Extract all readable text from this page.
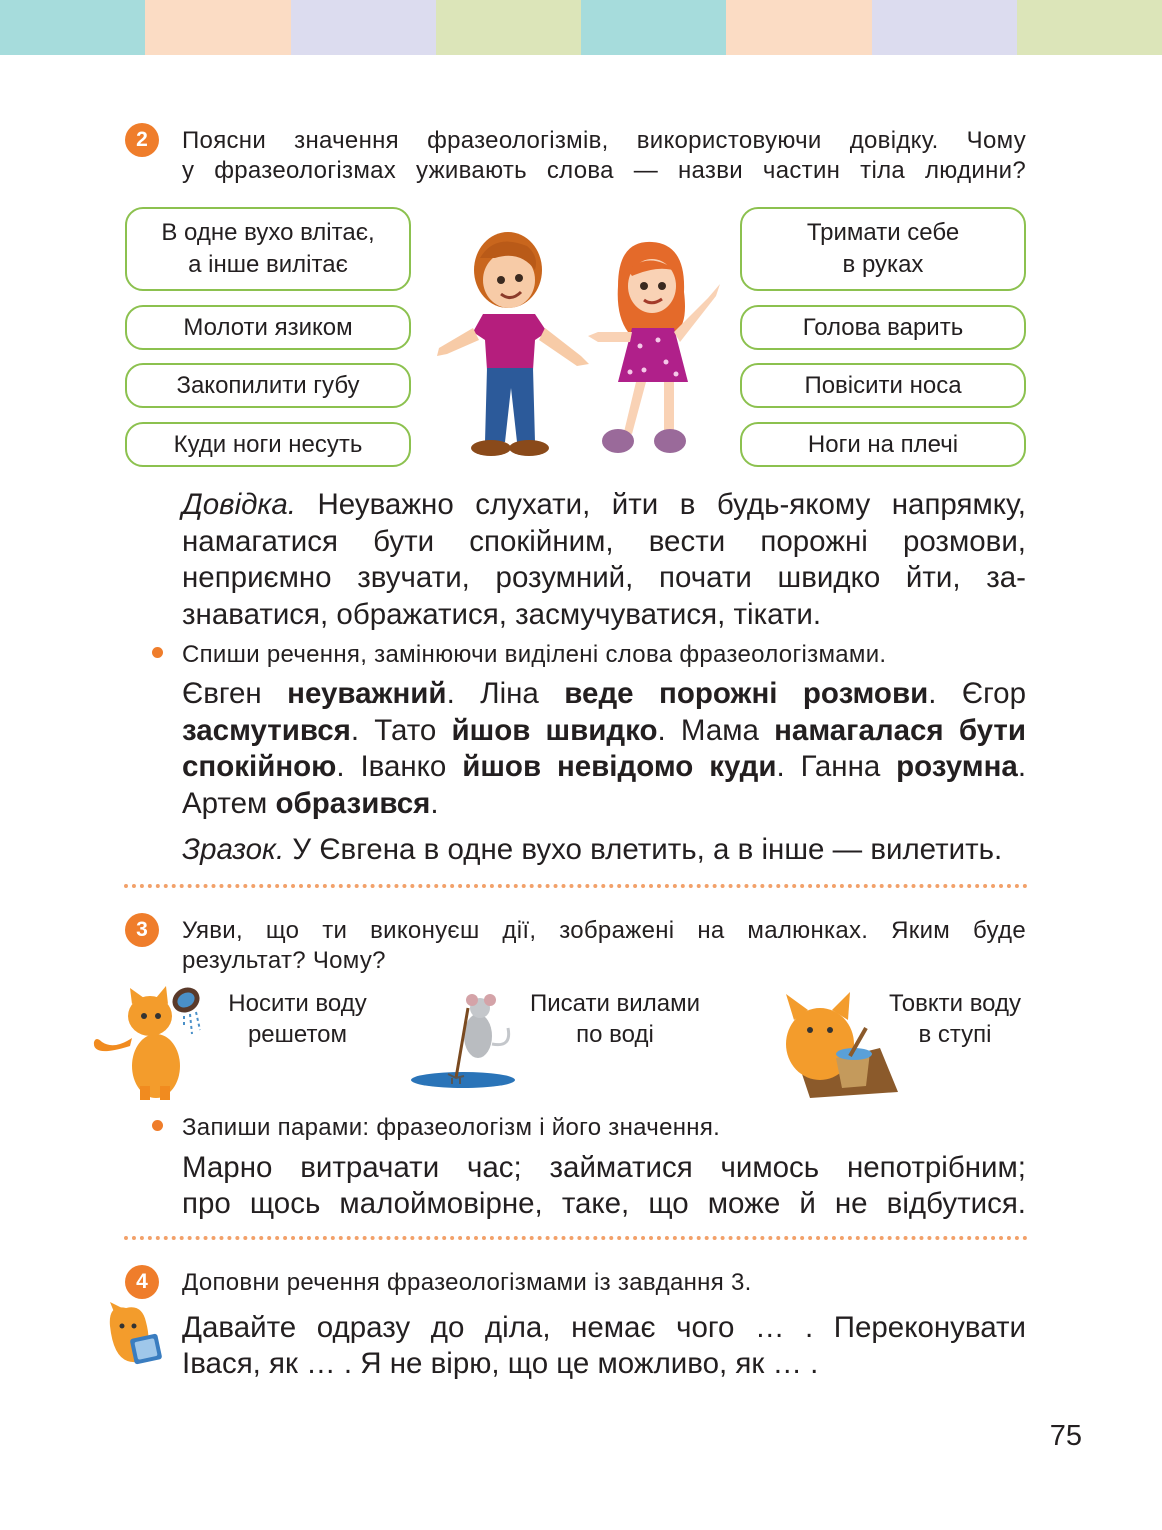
2	Поясни значення фразеологізмів, використовуючи довідку. Чому
у фразеологізмах уживають слова — назви частин тіла людини?
В одне вухо влітає,
а інше вилітає
Молоти язиком
Закопилити губу
Куди ноги несуть
Тримати себе
в руках
Голова варить
Повісити носа
Ноги на плечі
Довідка. Неуважно слухати, йти в будь-якому напрямку, намагатися бути спокійним, вести порожні розмови, неприємно звучати, розумний, почати швидко йти, за-знаватися, ображатися, засмучуватися, тікати.
Спиши речення, замінюючи виділені слова фразеологізмами.
Євген неуважний. Ліна веде порожні розмови. Єгор засмутився. Тато йшов швидко. Мама намагалася бути спокійною. Іванко йшов невідомо куди. Ганна розумна. Артем образився.
Зразок. У Євгена в одне вухо влетить, а в інше — вилетить.
3	Уяви, що ти виконуєш дії, зображені на малюнках. Яким буде
результат? Чому?
Носити воду
решетом
Писати вилами
по воді
Товкти воду
в ступі
Запиши парами: фразеологізм і його значення.
Марно витрачати час; займатися чимось непотрібним;
про щось малоймовірне, таке, що може й не відбутися.
4	Доповни речення фразеологізмами із завдання 3.
Давайте одразу до діла, немає чого … . Переконувати
Івася, як … . Я не вірю, що це можливо, як … .
75
